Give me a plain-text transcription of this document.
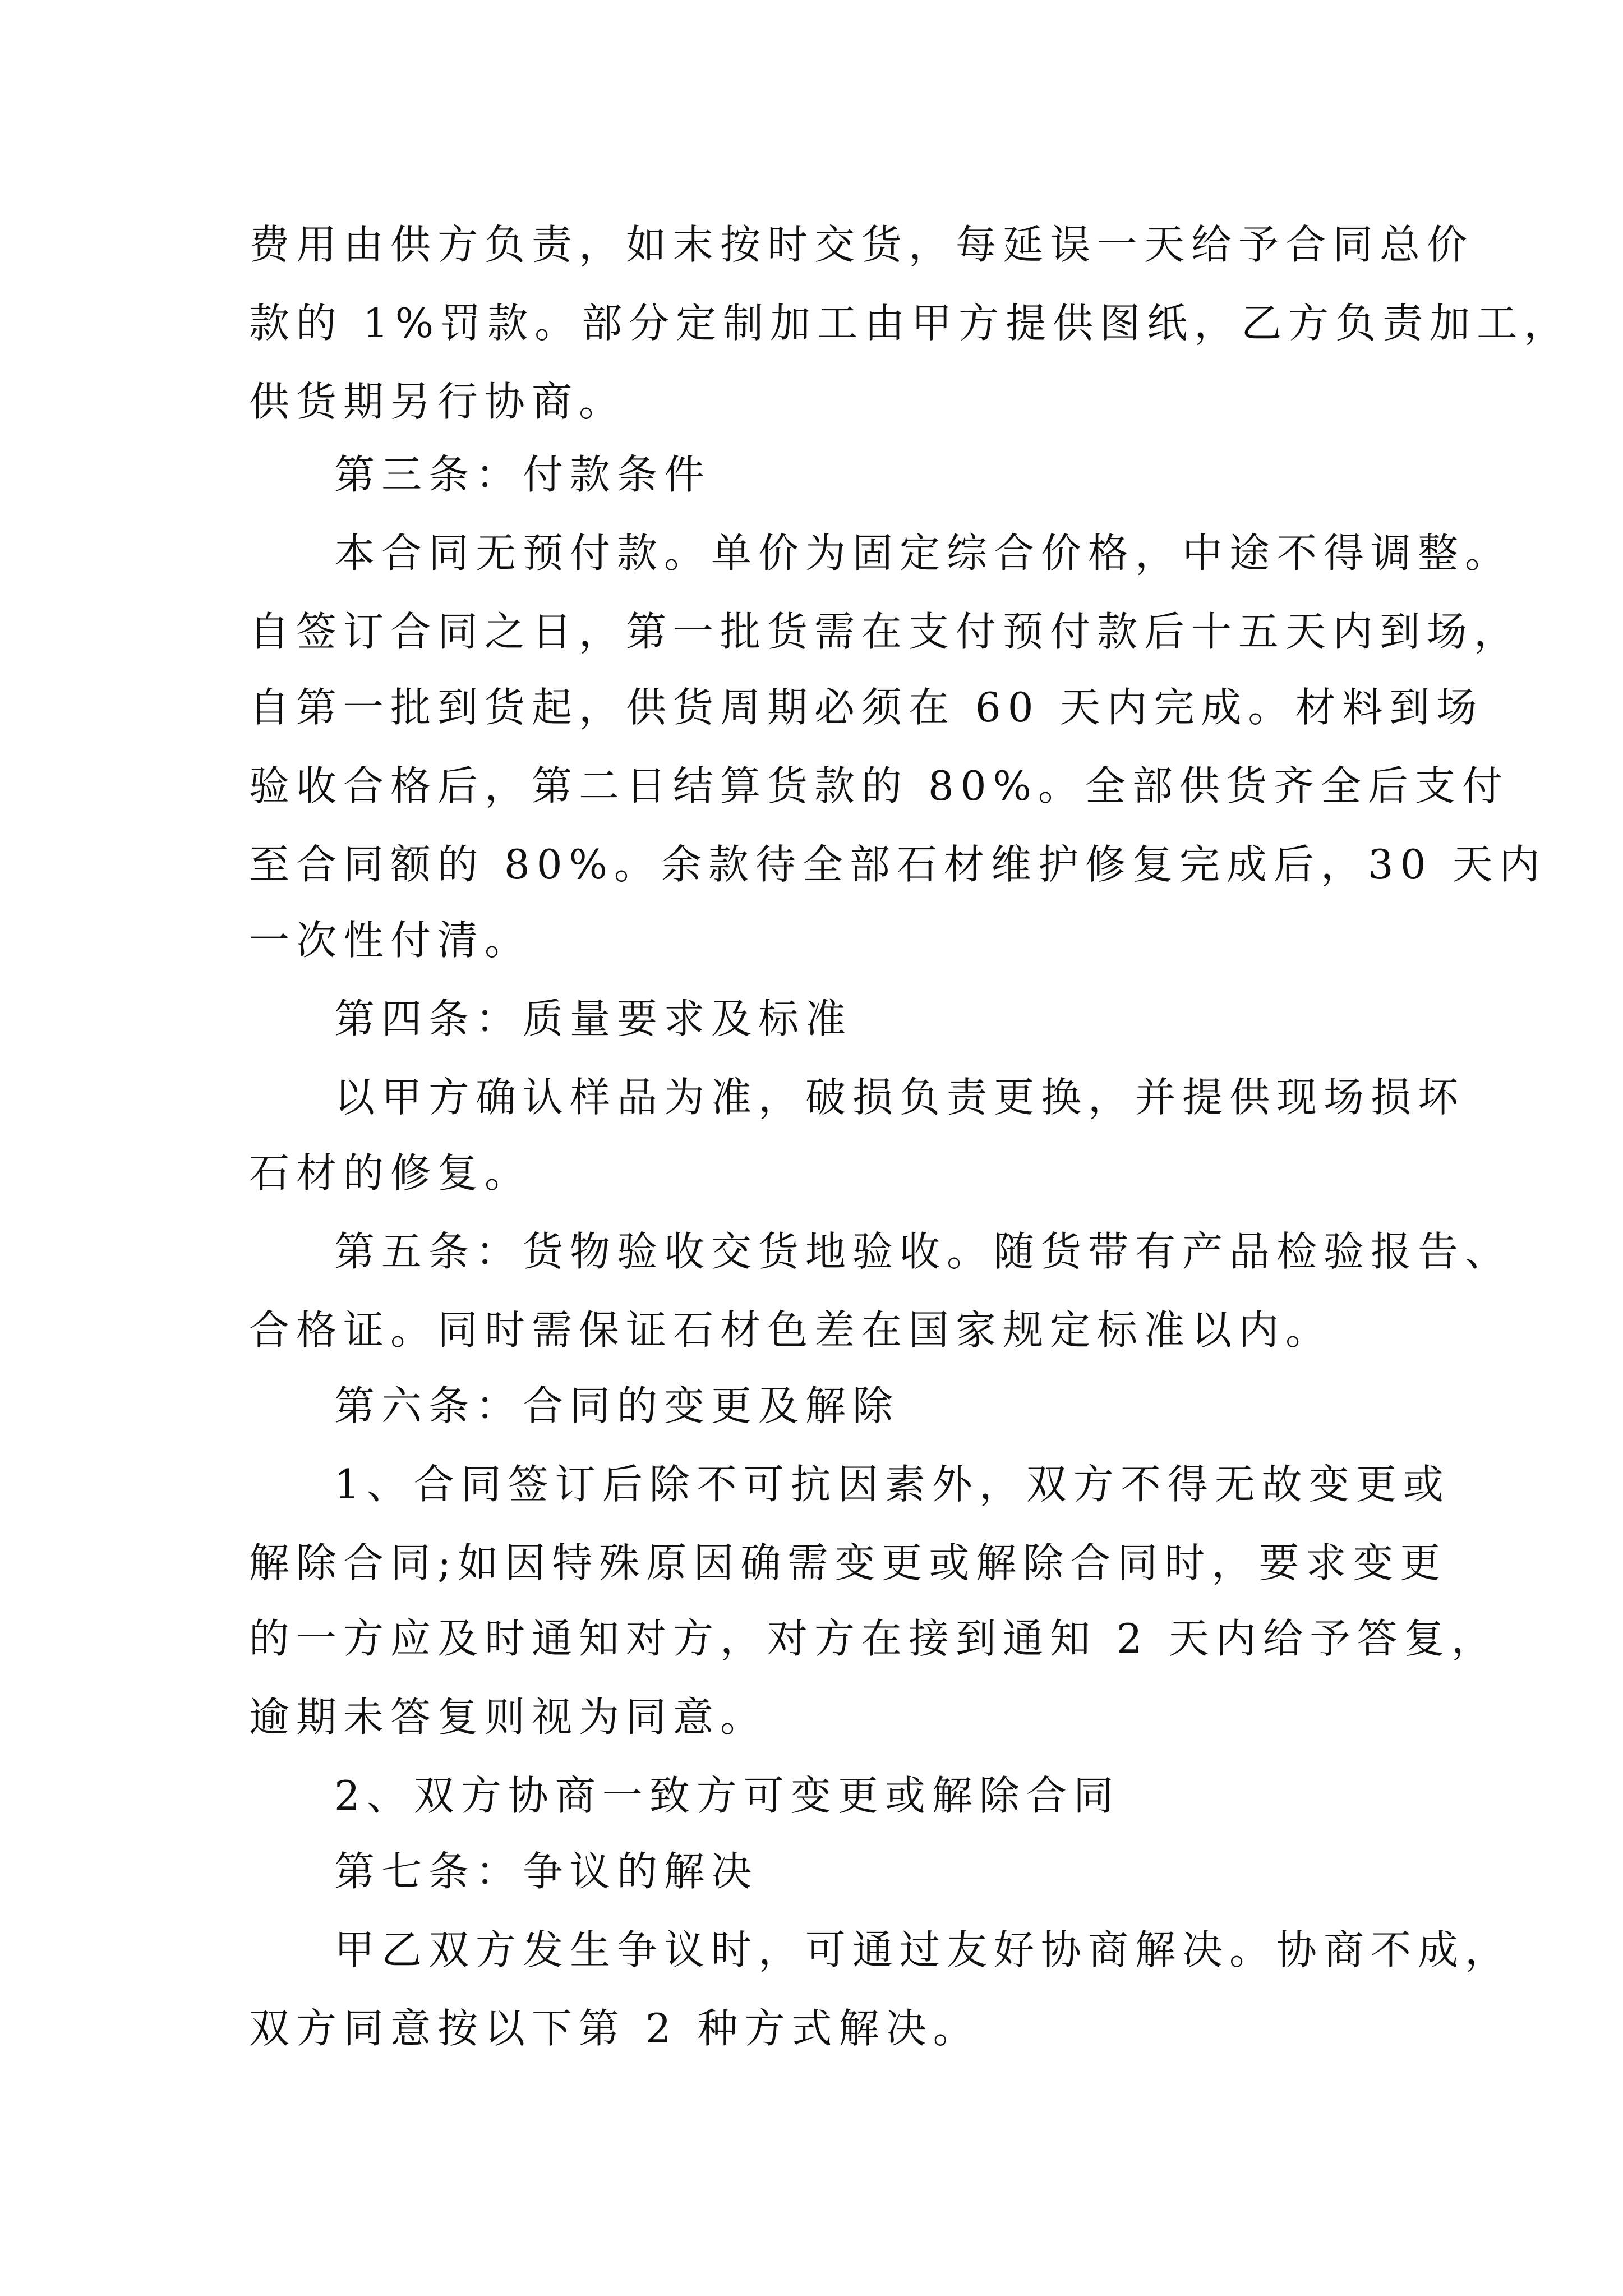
费用由供方负责，如末按时交货，每延误一天给予合同总价
款的 1%罚款。部分定制加工由甲方提供图纸，乙方负责加工，
供货期另行协商。
第三条：付款条件
本合同无预付款。单价为固定综合价格，中途不得调整。
自签订合同之日，第一批货需在支付预付款后十五天内到场，
自第一批到货起，供货周期必须在 60 天内完成。材料到场
验收合格后，第二日结算货款的 80%。全部供货齐全后支付
至合同额的 80%。余款待全部石材维护修复完成后，30 天内
一次性付清。
第四条：质量要求及标准
以甲方确认样品为准，破损负责更换，并提供现场损坏
石材的修复。
第五条：货物验收交货地验收。随货带有产品检验报告、
合格证。同时需保证石材色差在国家规定标准以内。
第六条：合同的变更及解除
1、合同签订后除不可抗因素外，双方不得无故变更或
解除合同;如因特殊原因确需变更或解除合同时，要求变更
的一方应及时通知对方，对方在接到通知 2 天内给予答复，
逾期未答复则视为同意。
2、双方协商一致方可变更或解除合同
第七条：争议的解决
甲乙双方发生争议时，可通过友好协商解决。协商不成，
双方同意按以下第 2 种方式解决。
